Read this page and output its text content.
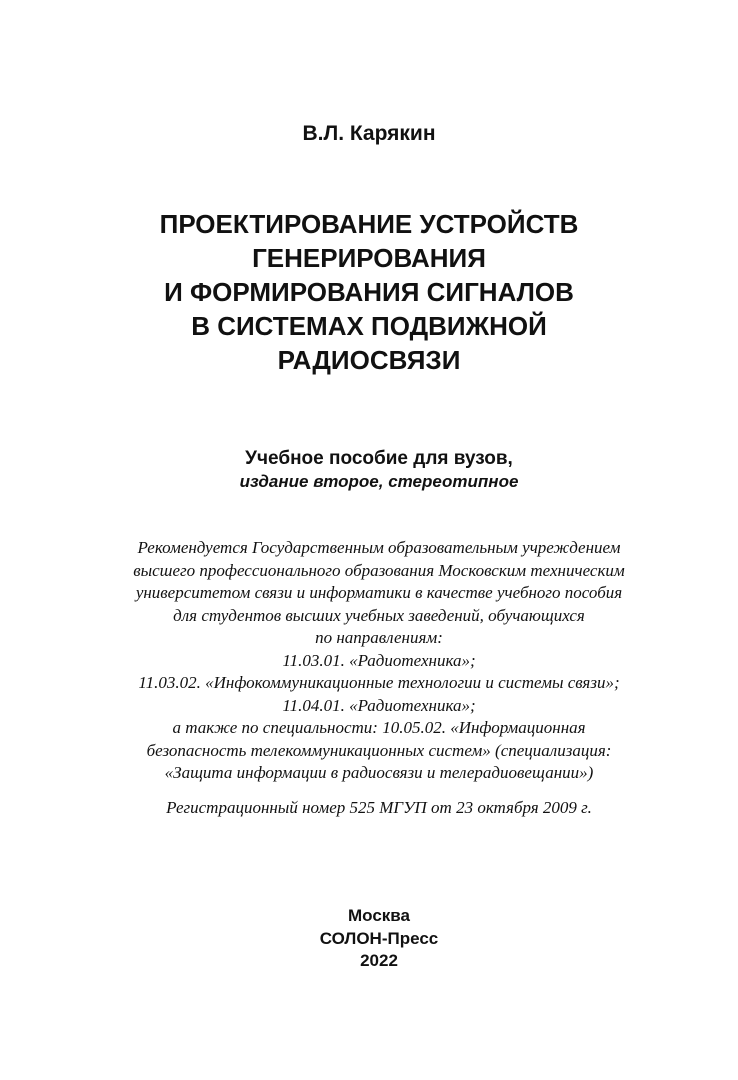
В.Л. Карякин
ПРОЕКТИРОВАНИЕ УСТРОЙСТВ
ГЕНЕРИРОВАНИЯ
И ФОРМИРОВАНИЯ СИГНАЛОВ
В СИСТЕМАХ ПОДВИЖНОЙ
РАДИОСВЯЗИ
Учебное пособие для вузов,
издание второе, стереотипное
Рекомендуется Государственным образовательным учреждением
высшего профессионального образования Московским техническим
университетом связи и информатики в качестве учебного пособия
для студентов высших учебных заведений, обучающихся
по направлениям:
11.03.01. «Радиотехника»;
11.03.02. «Инфокоммуникационные технологии и системы связи»;
11.04.01. «Радиотехника»;
а также по специальности: 10.05.02. «Информационная
безопасность телекоммуникационных систем» (специализация:
«Защита информации в радиосвязи и телерадиовещании»)
Регистрационный номер 525 МГУП от 23 октября 2009 г.
Москва
СОЛОН-Пресс
2022
